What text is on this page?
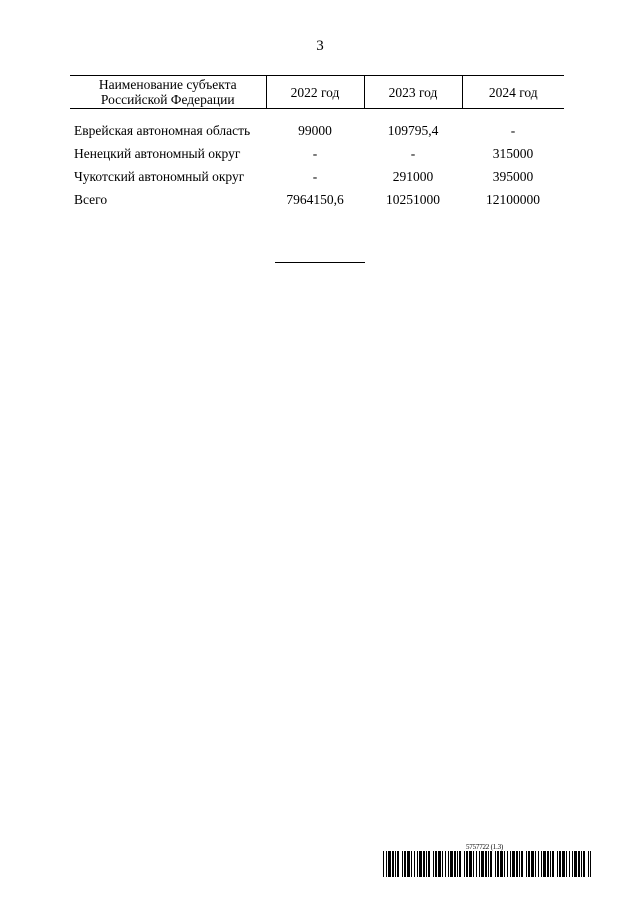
3
Наименование субъекта Российской Федерации	2022 год	2023 год	2024 год

Еврейская автономная область	99000	109795,4	-
Ненецкий автономный округ	-	-	315000
Чукотский автономный округ	-	291000	395000
Всего	7964150,6	10251000	12100000
5757722 (1.3)
